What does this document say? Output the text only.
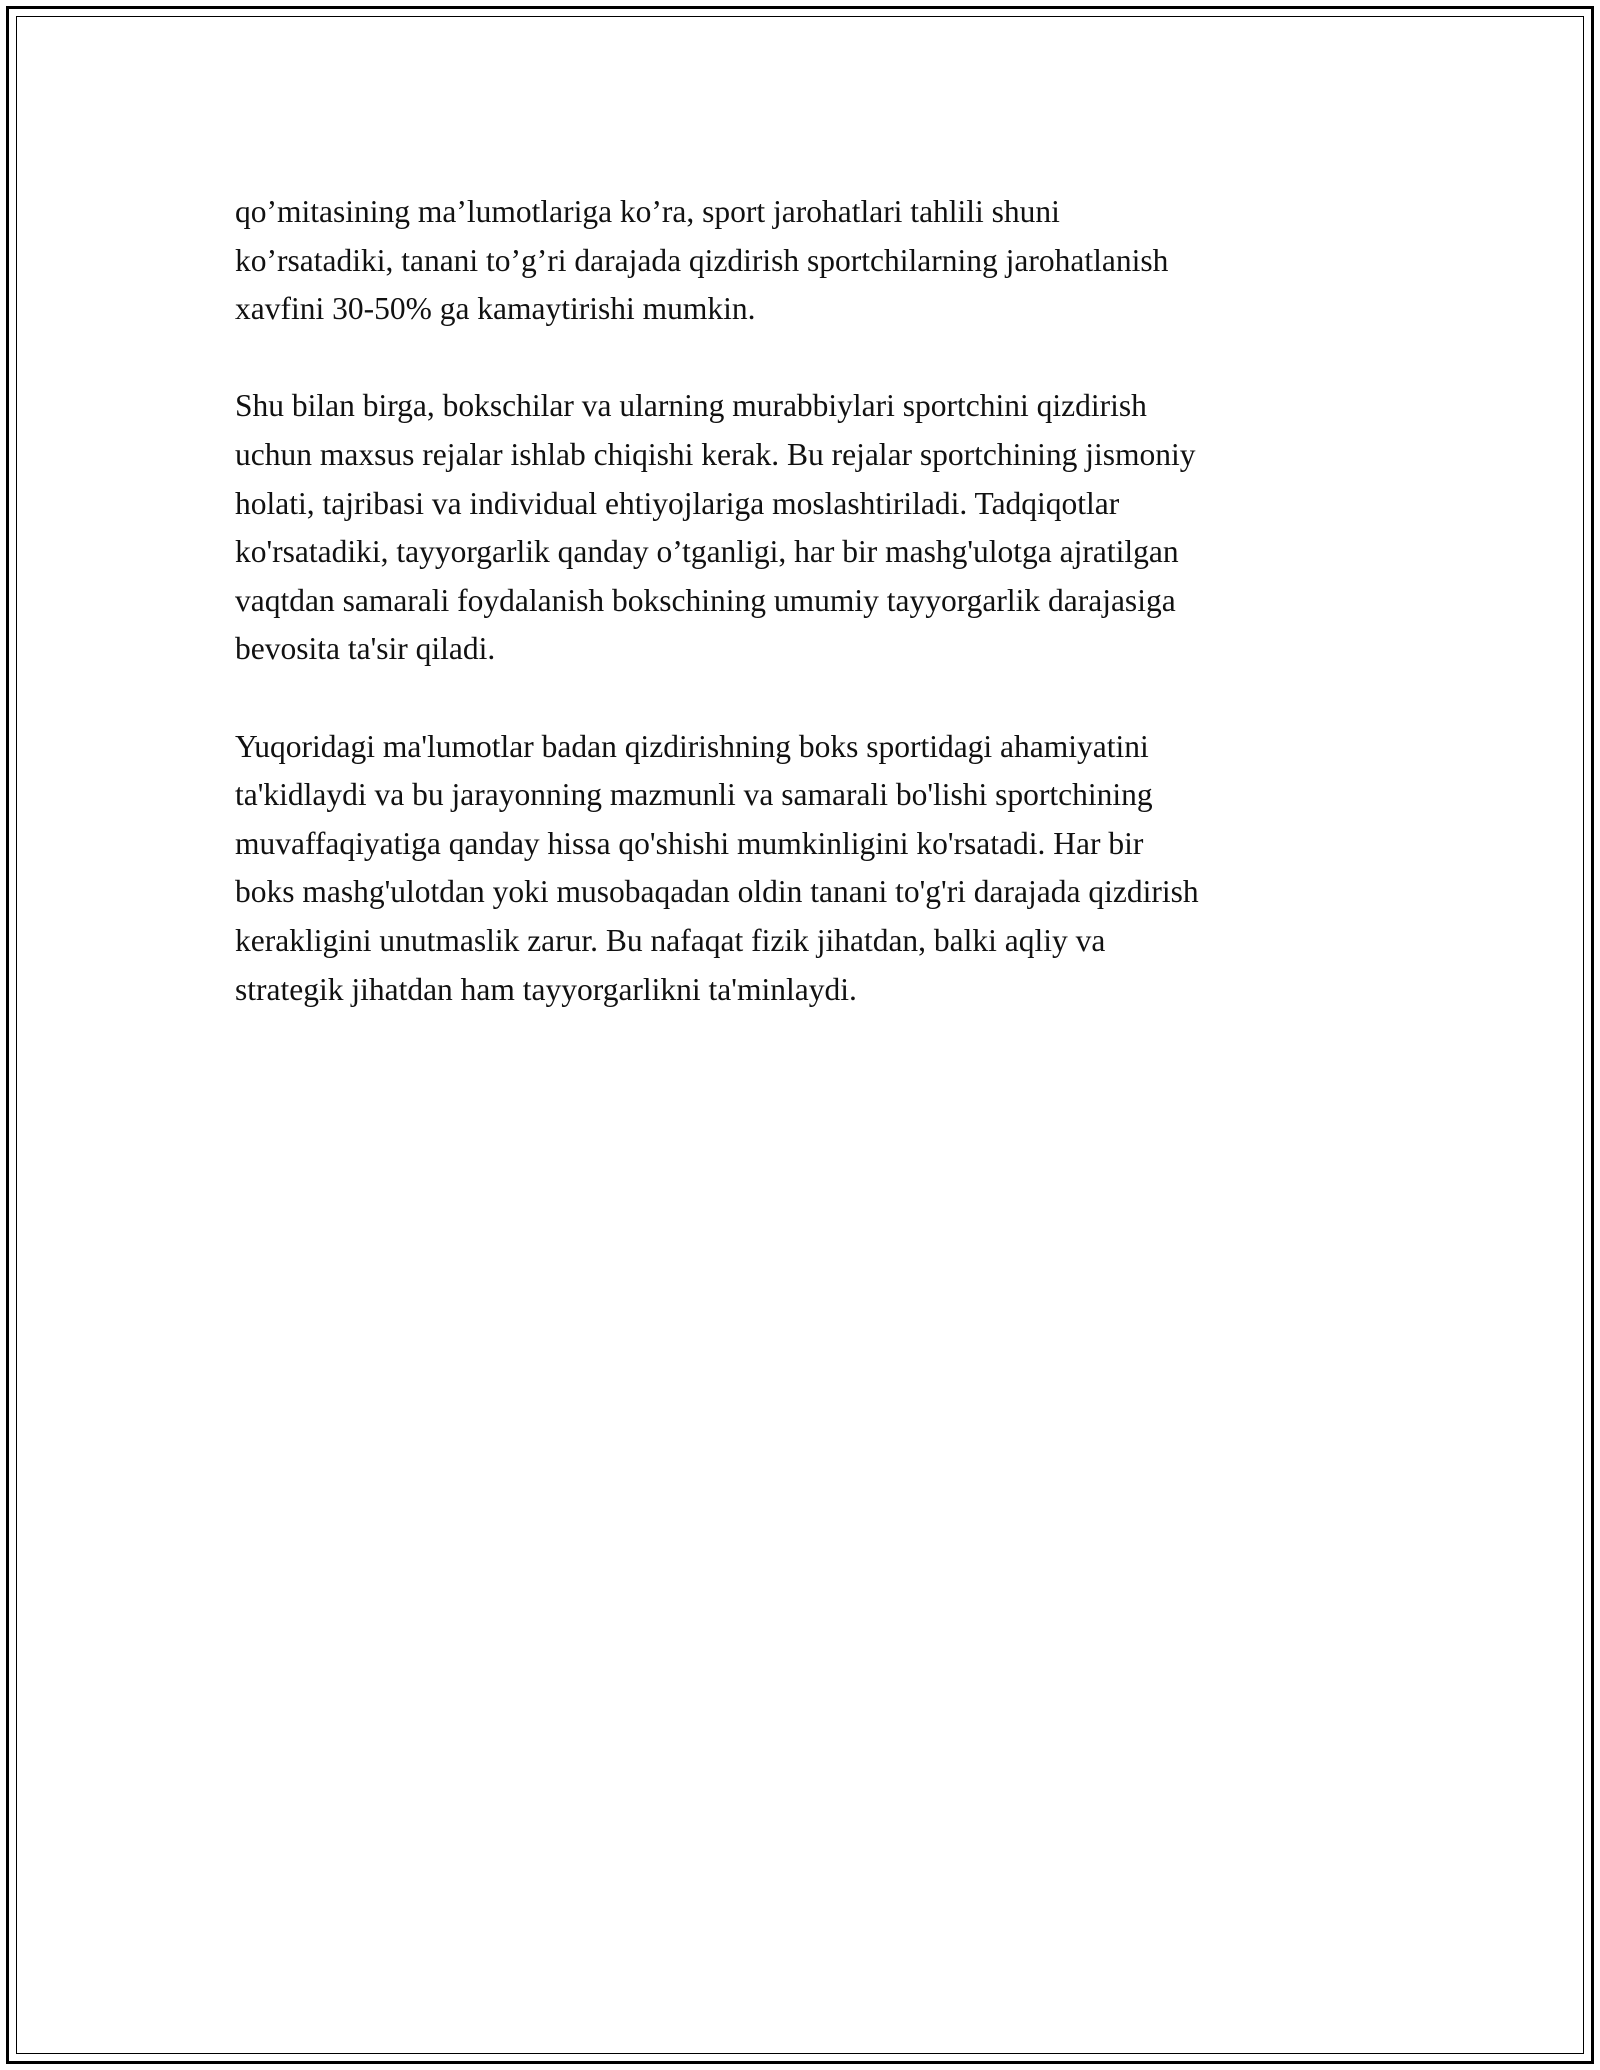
qo’mitasining ma’lumotlariga ko’ra, sport jarohatlari tahlili shuni
ko’rsatadiki, tanani to’g’ri darajada qizdirish sportchilarning jarohatlanish
xavfini 30-50% ga kamaytirishi mumkin.
Shu bilan birga, bokschilar va ularning murabbiylari sportchini qizdirish
uchun maxsus rejalar ishlab chiqishi kerak. Bu rejalar sportchining jismoniy
holati, tajribasi va individual ehtiyojlariga moslashtiriladi. Tadqiqotlar
ko'rsatadiki, tayyorgarlik qanday o’tganligi, har bir mashg'ulotga ajratilgan
vaqtdan samarali foydalanish bokschining umumiy tayyorgarlik darajasiga
bevosita ta'sir qiladi.
Yuqoridagi ma'lumotlar badan qizdirishning boks sportidagi ahamiyatini
ta'kidlaydi va bu jarayonning mazmunli va samarali bo'lishi sportchining
muvaffaqiyatiga qanday hissa qo'shishi mumkinligini ko'rsatadi. Har bir
boks mashg'ulotdan yoki musobaqadan oldin tanani to'g'ri darajada qizdirish
kerakligini unutmaslik zarur. Bu nafaqat fizik jihatdan, balki aqliy va
strategik jihatdan ham tayyorgarlikni ta'minlaydi.
